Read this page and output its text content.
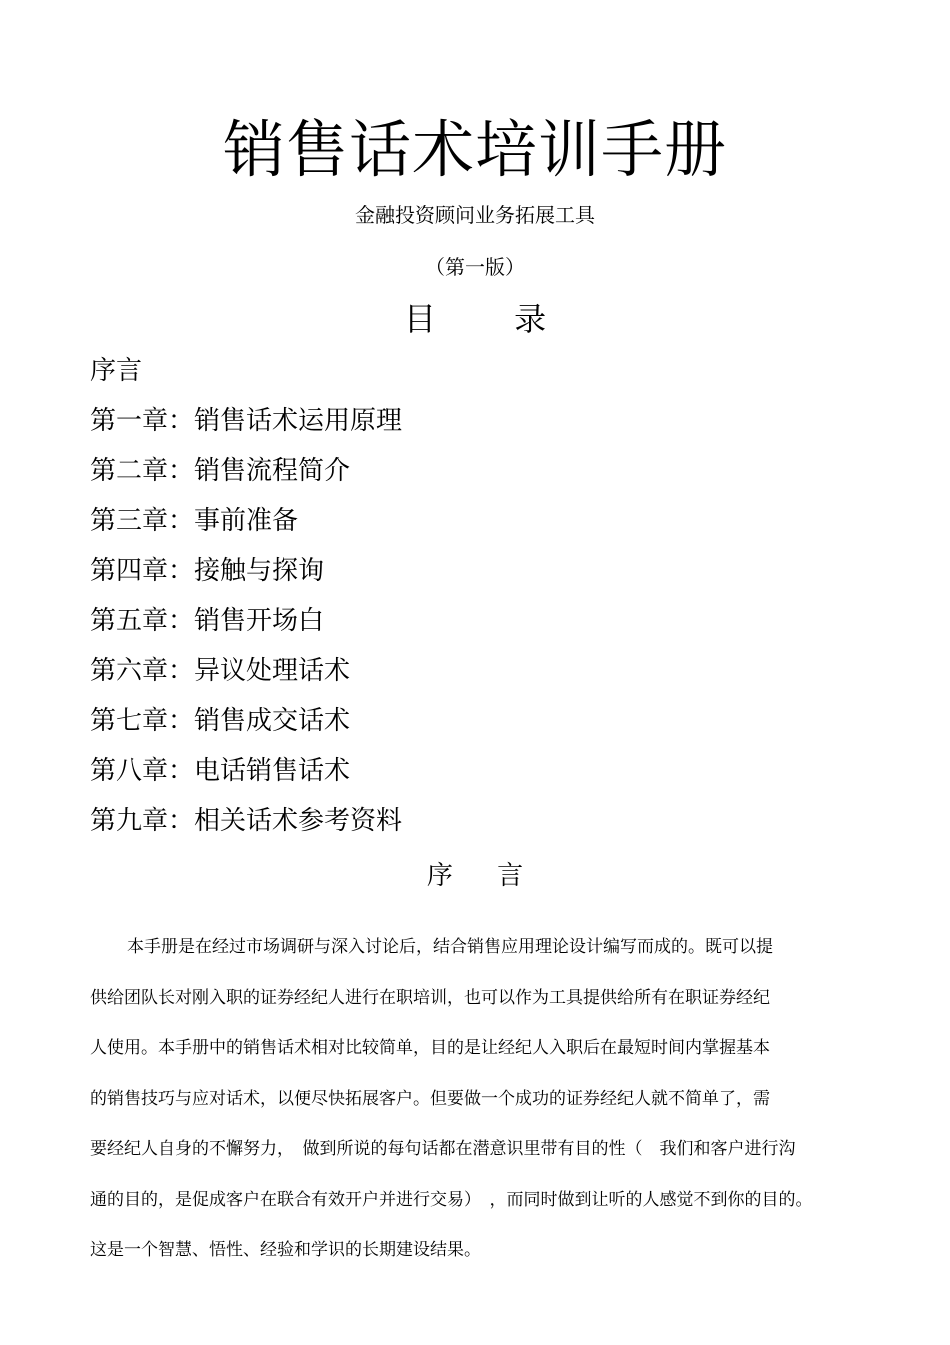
销售话术培训手册
金融投资顾问业务拓展工具
（第一版）
目 录
序言
第一章：销售话术运用原理
第二章：销售流程简介
第三章：事前准备
第四章：接触与探询
第五章：销售开场白
第六章：异议处理话术
第七章：销售成交话术
第八章：电话销售话术
第九章：相关话术参考资料
序 言
本手册是在经过市场调研与深入讨论后，结合销售应用理论设计编写而成的。既可以提
供给团队长对刚入职的证券经纪人进行在职培训，也可以作为工具提供给所有在职证券经纪
人使用。本手册中的销售话术相对比较简单，目的是让经纪人入职后在最短时间内掌握基本
的销售技巧与应对话术，以便尽快拓展客户。但要做一个成功的证券经纪人就不简单了，需
要经纪人自身的不懈努力，　做到所说的每句话都在潜意识里带有目的性（　我们和客户进行沟
通的目的，是促成客户在联合有效开户并进行交易）　，而同时做到让听的人感觉不到你的目的。
这是一个智慧、悟性、经验和学识的长期建设结果。
